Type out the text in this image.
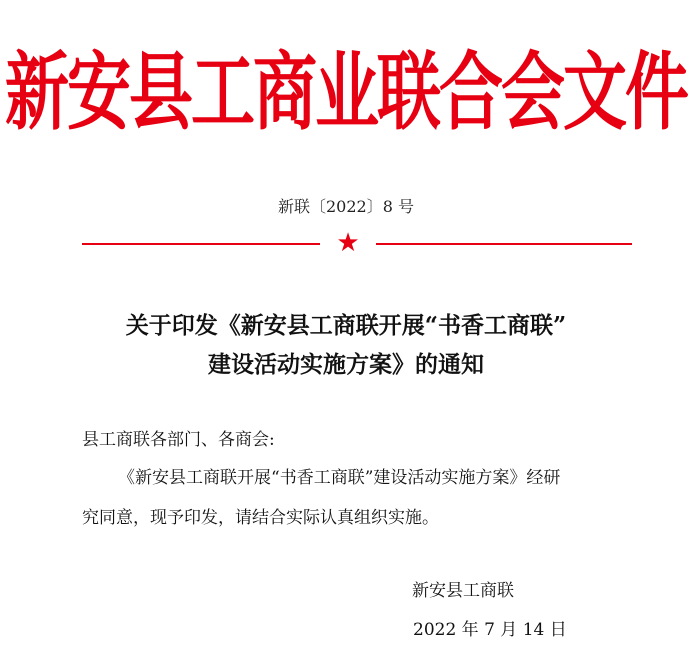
新安县工商业联合会文件
新联〔2022〕8 号
★
关于印发《新安县工商联开展“书香工商联”
建设活动实施方案》的通知
县工商联各部门、各商会:
《新安县工商联开展“书香工商联”建设活动实施方案》经研
究同意，现予印发，请结合实际认真组织实施。
新安县工商联
2022 年 7 月 14 日
